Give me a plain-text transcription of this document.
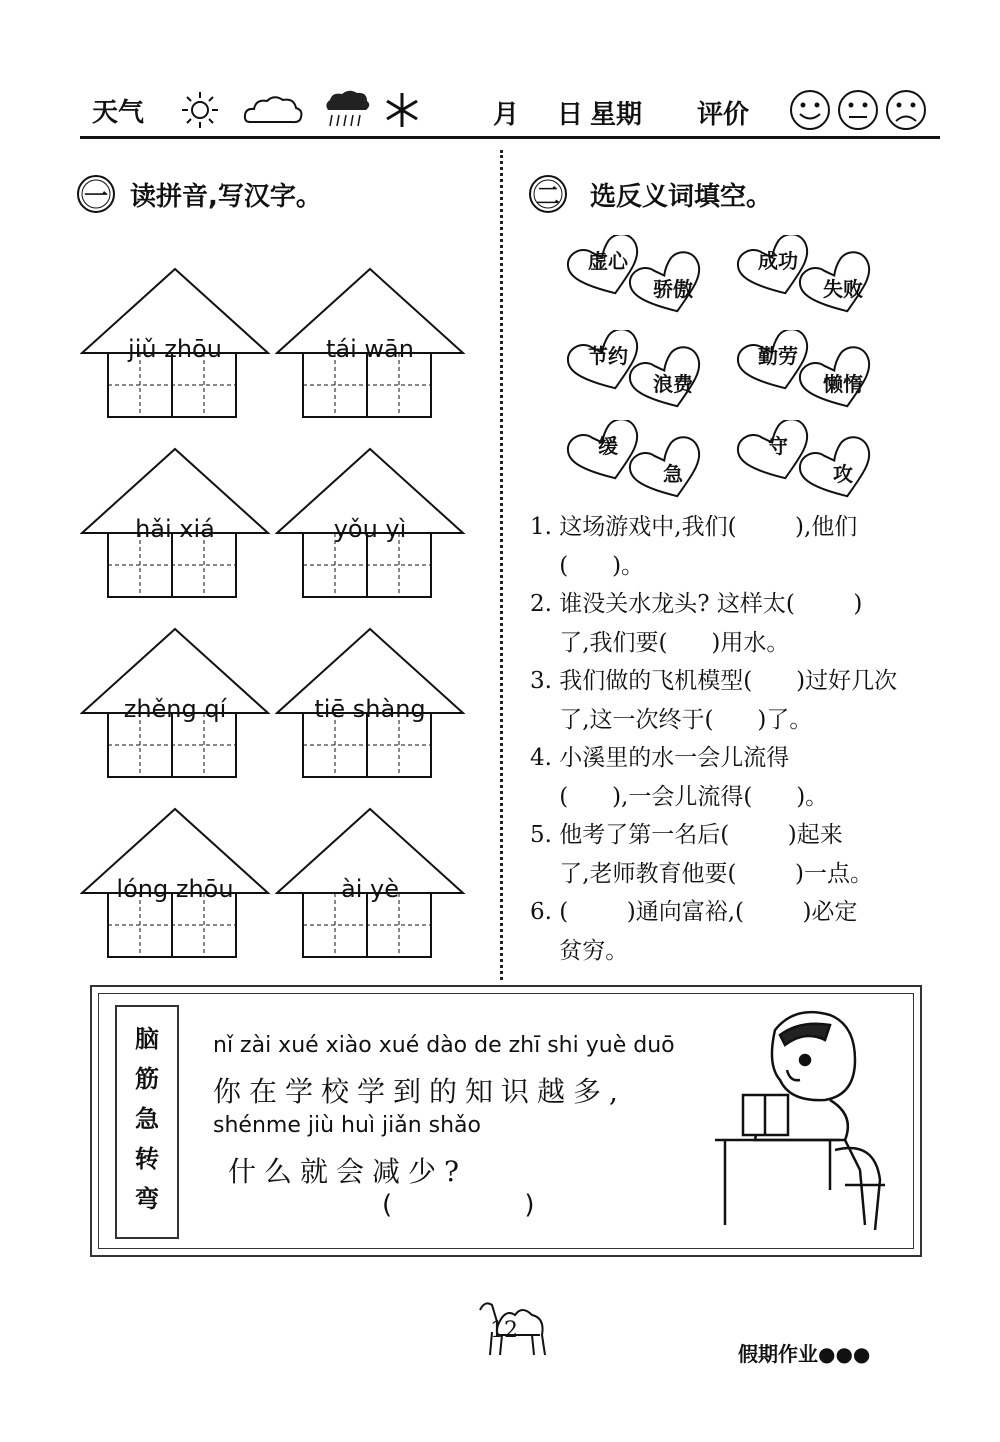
天气	月 日 星期 评价
一 读拼音,写汉字。
jiǔ zhōu	tái wān
hǎi xiá	yǒu yì
zhěng qí	tiē shàng
lóng zhōu	ài yè
二	选反义词填空。
虚心
骄傲
成功
失败
节约
浪费
勤劳
懒惰
缓
急
守
攻
1. 这场游戏中,我们(        ),他们
(      )。
2. 谁没关水龙头? 这样太(        )
了,我们要(      )用水。
3. 我们做的飞机模型(      )过好几次
了,这一次终于(      )了。
4. 小溪里的水一会儿流得
(      ),一会儿流得(      )。
5. 他考了第一名后(        )起来
了,老师教育他要(        )一点。
6. (        )通向富裕,(        )必定
贫穷。
脑
筋
急
转
弯
nǐ zài xué xiào xué dào de zhī shi yuè duō
你在学校学到的知识越多,
shénme jiù huì jiǎn shǎo
什么就会减少?
(                )
12
假期作业●●●
